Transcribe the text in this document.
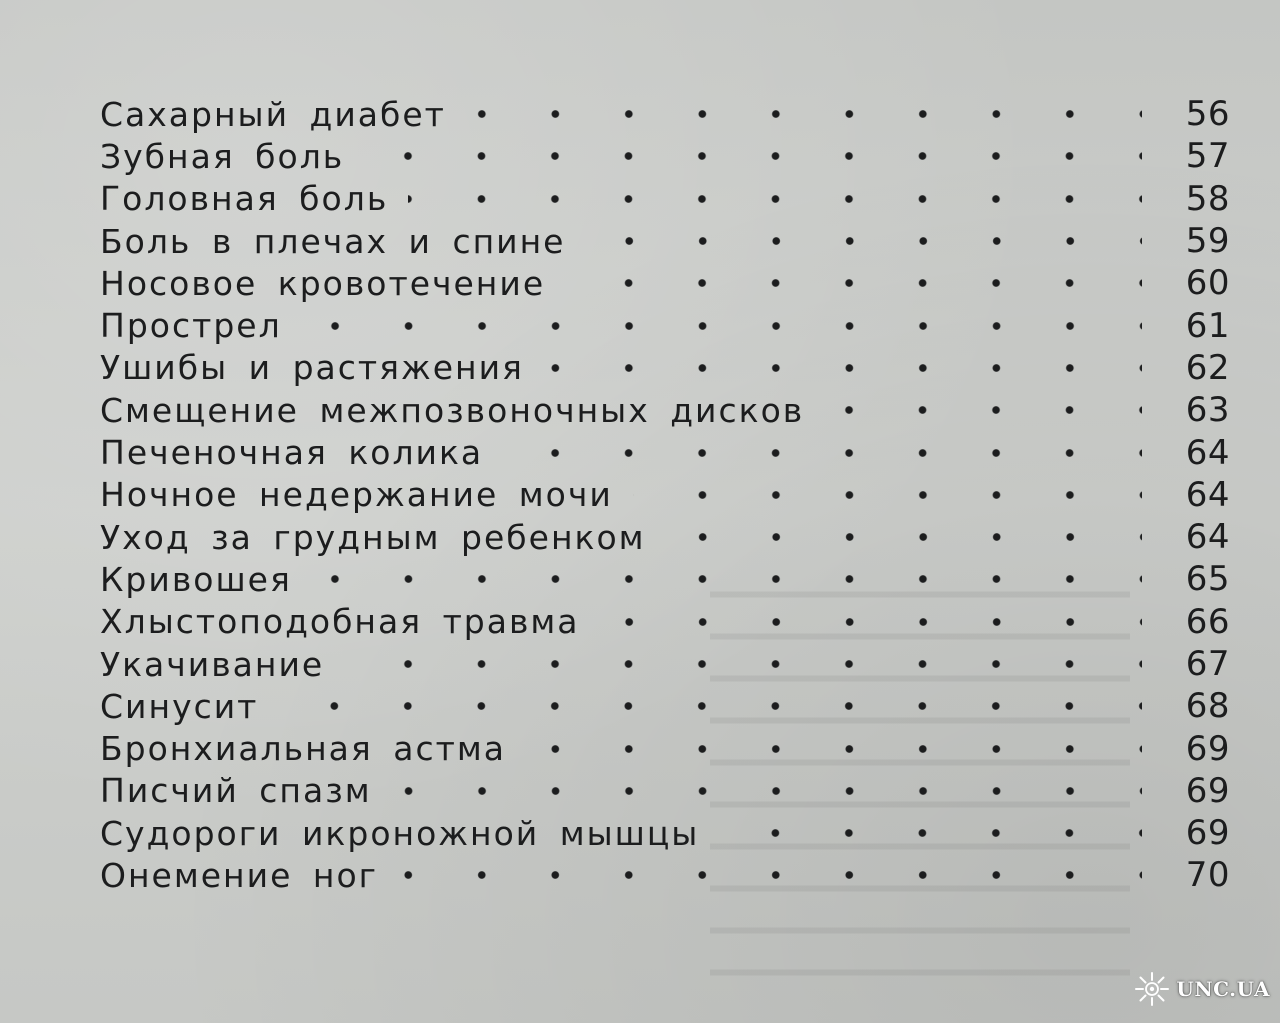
Сахарный диабет	56
Зубная боль	57
Головная боль	58
Боль в плечах и спине	59
Носовое кровотечение	60
Прострел	61
Ушибы и растяжения	62
Смещение межпозвоночных дисков	63
Печеночная колика	64
Ночное недержание мочи	64
Уход за грудным ребенком	64
Кривошея	65
Хлыстоподобная травма	66
Укачивание	67
Синусит	68
Бронхиальная астма	69
Писчий спазм	69
Судороги икроножной мышцы	69
Онемение ног	70
UNC.UA
